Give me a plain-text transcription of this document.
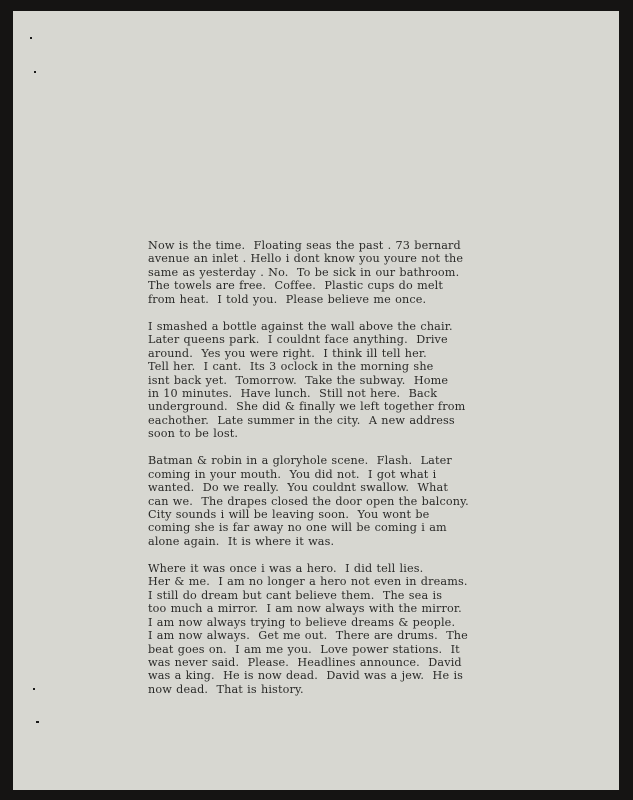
Now is the time.  Floating seas the past . 73 bernard
avenue an inlet . Hello i dont know you youre not the
same as yesterday . No.  To be sick in our bathroom.
The towels are free.  Coffee.  Plastic cups do melt
from heat.  I told you.  Please believe me once.
I smashed a bottle against the wall above the chair.
Later queens park.  I couldnt face anything.  Drive
around.  Yes you were right.  I think ill tell her.
Tell her.  I cant.  Its 3 oclock in the morning she
isnt back yet.  Tomorrow.  Take the subway.  Home
in 10 minutes.  Have lunch.  Still not here.  Back
underground.  She did & finally we left together from
eachother.  Late summer in the city.  A new address
soon to be lost.
Batman & robin in a gloryhole scene.  Flash.  Later
coming in your mouth.  You did not.  I got what i
wanted.  Do we really.  You couldnt swallow.  What
can we.  The drapes closed the door open the balcony.
City sounds i will be leaving soon.  You wont be
coming she is far away no one will be coming i am
alone again.  It is where it was.
Where it was once i was a hero.  I did tell lies.
Her & me.  I am no longer a hero not even in dreams.
I still do dream but cant believe them.  The sea is
too much a mirror.  I am now always with the mirror.
I am now always trying to believe dreams & people.
I am now always.  Get me out.  There are drums.  The
beat goes on.  I am me you.  Love power stations.  It
was never said.  Please.  Headlines announce.  David
was a king.  He is now dead.  David was a jew.  He is
now dead.  That is history.
